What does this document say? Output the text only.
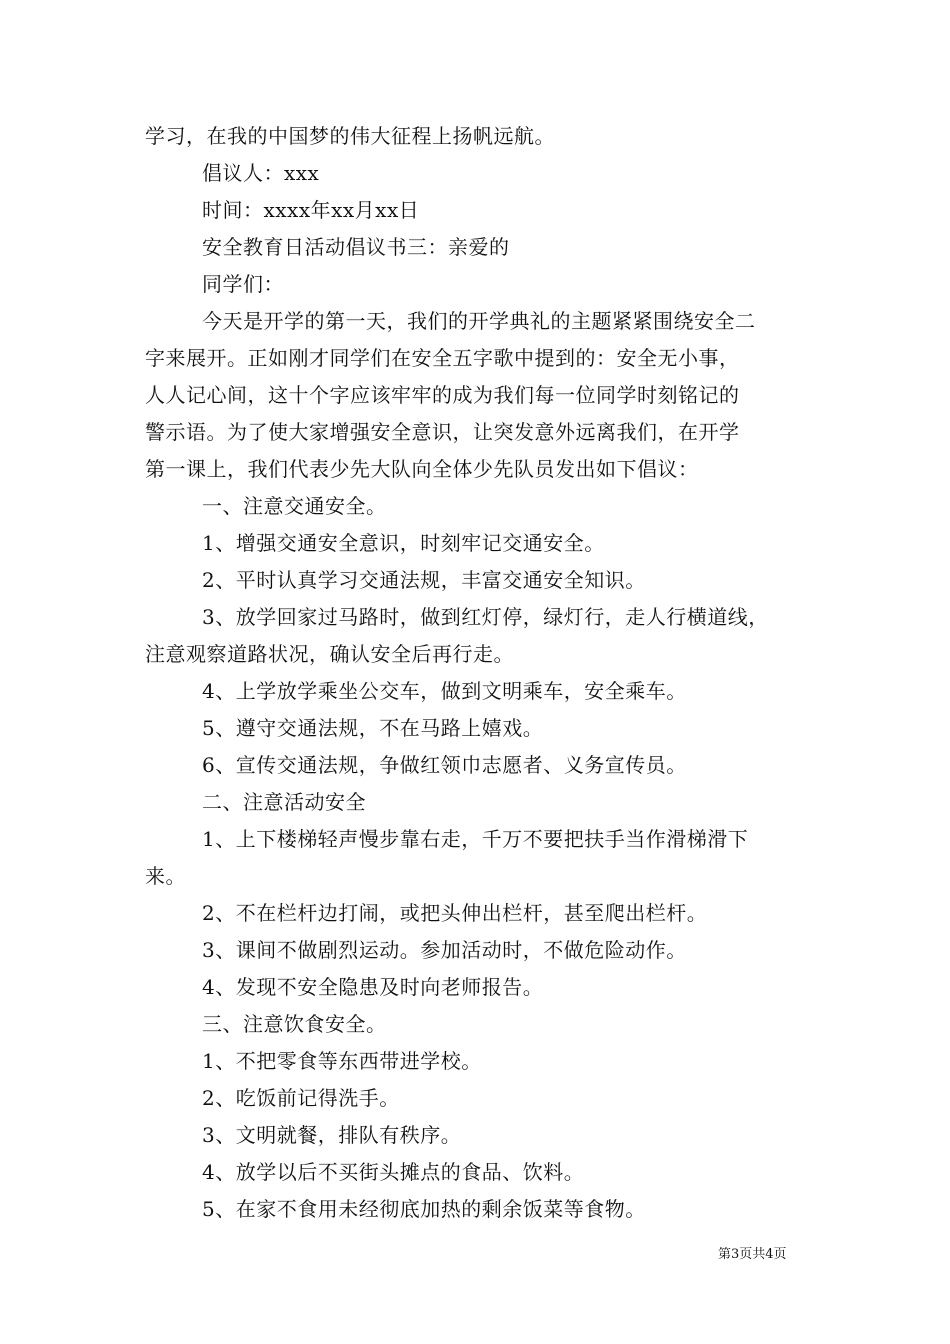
学习，在我的中国梦的伟大征程上扬帆远航。
倡议人：xxx
时间：xxxx年xx月xx日
安全教育日活动倡议书三：亲爱的
同学们：
今天是开学的第一天，我们的开学典礼的主题紧紧围绕安全二
字来展开。正如刚才同学们在安全五字歌中提到的：安全无小事，
人人记心间，这十个字应该牢牢的成为我们每一位同学时刻铭记的
警示语。为了使大家增强安全意识，让突发意外远离我们，在开学
第一课上，我们代表少先大队向全体少先队员发出如下倡议：
一、注意交通安全。
1、增强交通安全意识，时刻牢记交通安全。
2、平时认真学习交通法规，丰富交通安全知识。
3、放学回家过马路时，做到红灯停，绿灯行，走人行横道线，
注意观察道路状况，确认安全后再行走。
4、上学放学乘坐公交车，做到文明乘车，安全乘车。
5、遵守交通法规，不在马路上嬉戏。
6、宣传交通法规，争做红领巾志愿者、义务宣传员。
二、注意活动安全
1、上下楼梯轻声慢步靠右走，千万不要把扶手当作滑梯滑下
来。
2、不在栏杆边打闹，或把头伸出栏杆，甚至爬出栏杆。
3、课间不做剧烈运动。参加活动时，不做危险动作。
4、发现不安全隐患及时向老师报告。
三、注意饮食安全。
1、不把零食等东西带进学校。
2、吃饭前记得洗手。
3、文明就餐，排队有秩序。
4、放学以后不买街头摊点的食品、饮料。
5、在家不食用未经彻底加热的剩余饭菜等食物。
第3页共4页
